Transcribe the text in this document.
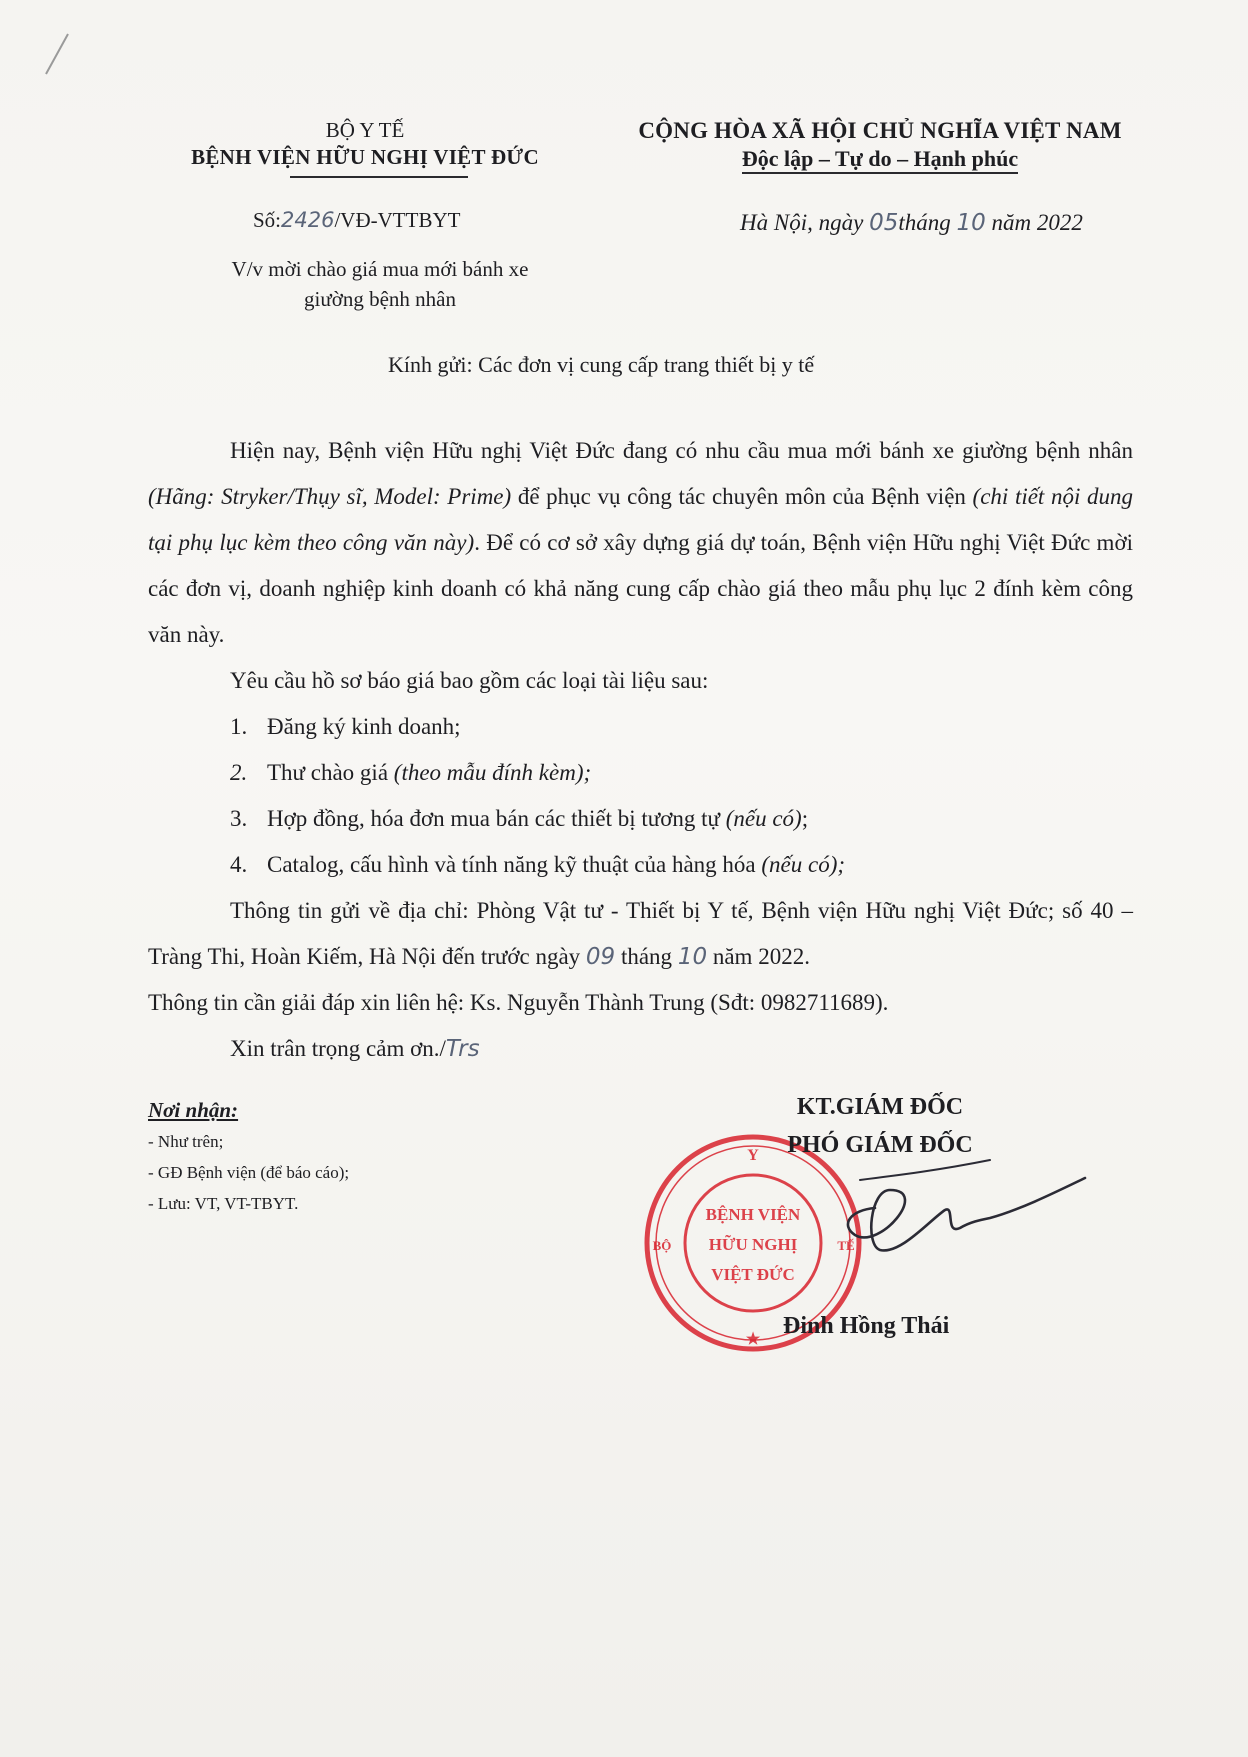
BỘ Y TẾ
BỆNH VIỆN HỮU NGHỊ VIỆT ĐỨC
CỘNG HÒA XÃ HỘI CHỦ NGHĨA VIỆT NAM
Độc lập – Tự do – Hạnh phúc
Số:2426/VĐ-VTTBYT	Hà Nội, ngày 05tháng 10 năm 2022
V/v mời chào giá mua mới bánh xe
giường bệnh nhân
Kính gửi: Các đơn vị cung cấp trang thiết bị y tế

Hiện nay, Bệnh viện Hữu nghị Việt Đức đang có nhu cầu mua mới bánh xe giường bệnh nhân (Hãng: Stryker/Thụy sĩ, Model: Prime) để phục vụ công tác chuyên môn của Bệnh viện (chi tiết nội dung tại phụ lục kèm theo công văn này). Để có cơ sở xây dựng giá dự toán, Bệnh viện Hữu nghị Việt Đức mời các đơn vị, doanh nghiệp kinh doanh có khả năng cung cấp chào giá theo mẫu phụ lục 2 đính kèm công văn này.

Yêu cầu hồ sơ báo giá bao gồm các loại tài liệu sau:

1. Đăng ký kinh doanh;

2. Thư chào giá (theo mẫu đính kèm);

3. Hợp đồng, hóa đơn mua bán các thiết bị tương tự (nếu có);

4. Catalog, cấu hình và tính năng kỹ thuật của hàng hóa (nếu có);

Thông tin gửi về địa chỉ: Phòng Vật tư - Thiết bị Y tế, Bệnh viện Hữu nghị Việt Đức; số 40 – Tràng Thi, Hoàn Kiếm, Hà Nội đến trước ngày 09 tháng 10 năm 2022.

Thông tin cần giải đáp xin liên hệ: Ks. Nguyễn Thành Trung (Sđt: 0982711689).

Xin trân trọng cảm ơn./Trs

Nơi nhận:
- Như trên;
- GĐ Bệnh viện (để báo cáo);
- Lưu: VT, VT-TBYT.
Y
BỘ	TẾ
BỆNH VIỆN
HỮU NGHỊ
VIỆT ĐỨC
★
KT.GIÁM ĐỐC
PHÓ GIÁM ĐỐC
Đinh Hồng Thái
